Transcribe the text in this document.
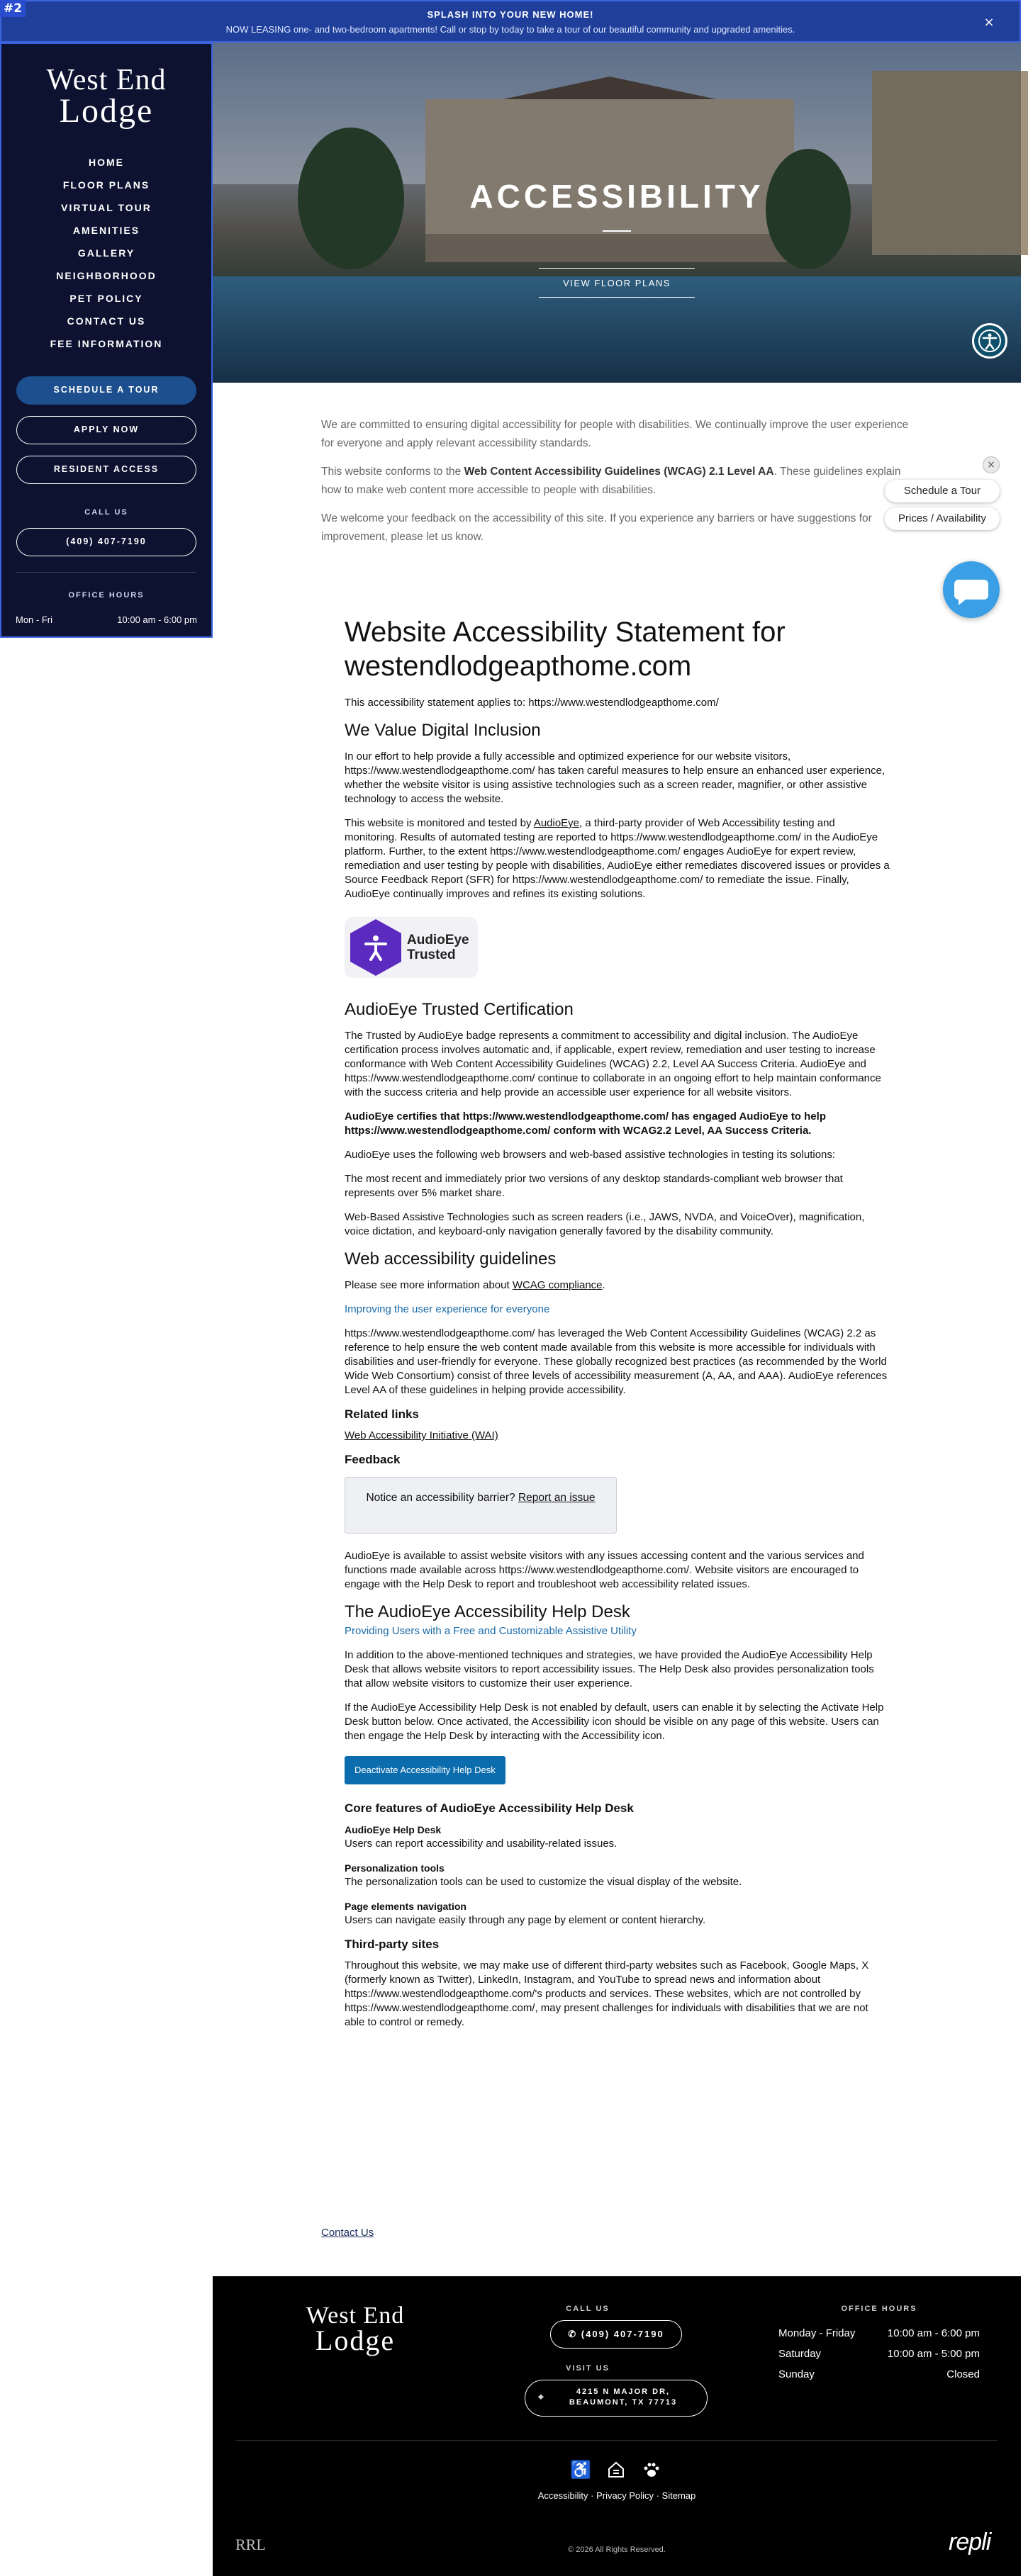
#2	SPLASH INTO YOUR NEW HOME!
NOW LEASING one- and two-bedroom apartments! Call or stop by today to take a tour of our beautiful community and upgraded amenities.	×
West End
Lodge
HOME
FLOOR PLANS
VIRTUAL TOUR
AMENITIES
GALLERY
NEIGHBORHOOD
PET POLICY
CONTACT US
FEE INFORMATION
SCHEDULE A TOUR
APPLY NOW
RESIDENT ACCESS
CALL US
(409) 407-7190
OFFICE HOURS
Mon - Fri	10:00 am - 6:00 pm
Sat	10:00 am - 5:00 pm
ACCESSIBILITY
VIEW FLOOR PLANS

We are committed to ensuring digital accessibility for people with disabilities. We continually improve the user experience for everyone and apply relevant accessibility standards.

This website conforms to the Web Content Accessibility Guidelines (WCAG) 2.1 Level AA. These guidelines explain how to make web content more accessible to people with disabilities.

We welcome your feedback on the accessibility of this site. If you experience any barriers or have suggestions for improvement, please let us know.

×
Schedule a Tour
Prices / Availability
Website Accessibility Statement for westendlodgeapthome.com

This accessibility statement applies to: https://www.westendlodgeapthome.com/

We Value Digital Inclusion

In our effort to help provide a fully accessible and optimized experience for our website visitors, https://www.westendlodgeapthome.com/ has taken careful measures to help ensure an enhanced user experience, whether the website visitor is using assistive technologies such as a screen reader, magnifier, or other assistive technology to access the website.

This website is monitored and tested by AudioEye, a third-party provider of Web Accessibility testing and monitoring. Results of automated testing are reported to https://www.westendlodgeapthome.com/ in the AudioEye platform. Further, to the extent https://www.westendlodgeapthome.com/ engages AudioEye for expert review, remediation and user testing by people with disabilities, AudioEye either remediates discovered issues or provides a Source Feedback Report (SFR) for https://www.westendlodgeapthome.com/ to remediate the issue. Finally, AudioEye continually improves and refines its existing solutions.

AudioEye
Trusted
AudioEye Trusted Certification

The Trusted by AudioEye badge represents a commitment to accessibility and digital inclusion. The AudioEye certification process involves automatic and, if applicable, expert review, remediation and user testing to increase conformance with Web Content Accessibility Guidelines (WCAG) 2.2, Level AA Success Criteria. AudioEye and https://www.westendlodgeapthome.com/ continue to collaborate in an ongoing effort to help maintain conformance with the success criteria and help provide an accessible user experience for all website visitors.

AudioEye certifies that https://www.westendlodgeapthome.com/ has engaged AudioEye to help https://www.westendlodgeapthome.com/ conform with WCAG2.2 Level, AA Success Criteria.

AudioEye uses the following web browsers and web-based assistive technologies in testing its solutions:

The most recent and immediately prior two versions of any desktop standards-compliant web browser that represents over 5% market share.

Web-Based Assistive Technologies such as screen readers (i.e., JAWS, NVDA, and VoiceOver), magnification, voice dictation, and keyboard-only navigation generally favored by the disability community.

Web accessibility guidelines

Please see more information about WCAG compliance.

Improving the user experience for everyone

https://www.westendlodgeapthome.com/ has leveraged the Web Content Accessibility Guidelines (WCAG) 2.2 as reference to help ensure the web content made available from this website is more accessible for individuals with disabilities and user-friendly for everyone. These globally recognized best practices (as recommended by the World Wide Web Consortium) consist of three levels of accessibility measurement (A, AA, and AAA). AudioEye references Level AA of these guidelines in helping provide accessibility.

Related links

Web Accessibility Initiative (WAI)

Feedback
Notice an accessibility barrier? Report an issue

AudioEye is available to assist website visitors with any issues accessing content and the various services and functions made available across https://www.westendlodgeapthome.com/. Website visitors are encouraged to engage with the Help Desk to report and troubleshoot web accessibility related issues.

The AudioEye Accessibility Help Desk

Providing Users with a Free and Customizable Assistive Utility

In addition to the above-mentioned techniques and strategies, we have provided the AudioEye Accessibility Help Desk that allows website visitors to report accessibility issues. The Help Desk also provides personalization tools that allow website visitors to customize their user experience.

If the AudioEye Accessibility Help Desk is not enabled by default, users can enable it by selecting the Activate Help Desk button below. Once activated, the Accessibility icon should be visible on any page of this website. Users can then engage the Help Desk by interacting with the Accessibility icon.

Deactivate Accessibility Help Desk
Core features of AudioEye Accessibility Help Desk
AudioEye Help Desk
Users can report accessibility and usability-related issues.
Personalization tools
The personalization tools can be used to customize the visual display of the website.
Page elements navigation
Users can navigate easily through any page by element or content hierarchy.
Third-party sites

Throughout this website, we may make use of different third-party websites such as Facebook, Google Maps, X (formerly known as Twitter), LinkedIn, Instagram, and YouTube to spread news and information about https://www.westendlodgeapthome.com/'s products and services. These websites, which are not controlled by https://www.westendlodgeapthome.com/, may present challenges for individuals with disabilities that we are not able to control or remedy.

Contact Us
West End
Lodge
CALL US
✆ (409) 407-7190
VISIT US
⌖	4215 N MAJOR DR,
BEAUMONT, TX 77713
OFFICE HOURS
Monday - Friday	10:00 am - 6:00 pm
Saturday	10:00 am - 5:00 pm
Sunday	Closed
♿
Accessibility · Privacy Policy · Sitemap
RRL	© 2026 All Rights Reserved.	repli
